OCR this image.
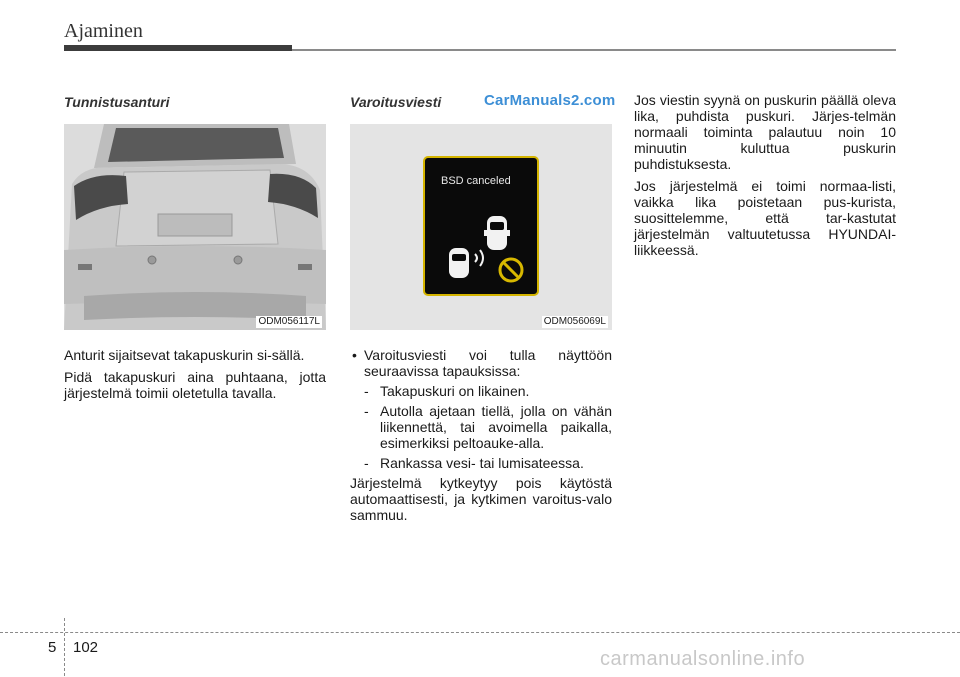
Ajaminen
CarManuals2.com
Tunnistusanturi
ODM056117L

Anturit sijaitsevat takapuskurin si-sällä.

Pidä takapuskuri aina puhtaana, jotta järjestelmä toimii oletetulla tavalla.

Varoitusviesti
BSD canceled
ODM056069L
• Varoitusviesti voi tulla näyttöön seuraavissa tapauksissa:
- Takapuskuri on likainen.
- Autolla ajetaan tiellä, jolla on vähän liikennettä, tai avoimella paikalla, esimerkiksi peltoauke-alla.
- Rankassa vesi- tai lumisateessa.

Järjestelmä kytkeytyy pois käytöstä automaattisesti, ja kytkimen varoitus-valo sammuu.

Jos viestin syynä on puskurin päällä oleva lika, puhdista puskuri. Järjes-telmän normaali toiminta palautuu noin 10 minuutin kuluttua puskurin puhdistuksesta.

Jos järjestelmä ei toimi normaa-listi, vaikka lika poistetaan pus-kurista, suosittelemme, että tar-kastutat järjestelmän valtuutetussa HYUNDAI-liikkeessä.

5 102
carmanualsonline.info
